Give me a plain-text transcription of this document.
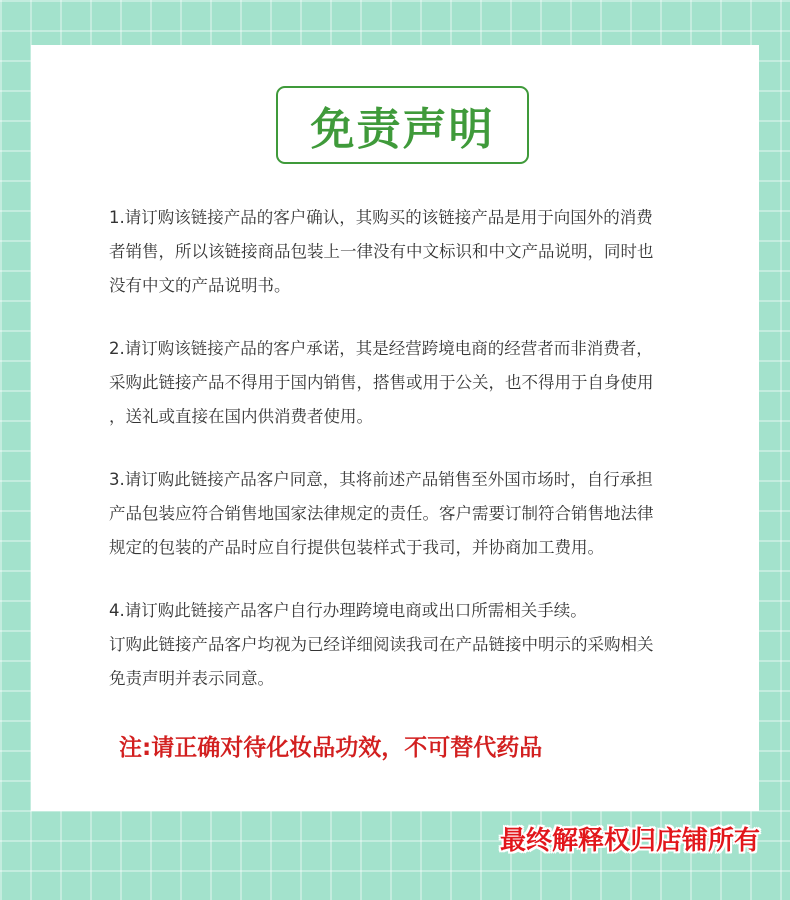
免责声明
1.请订购该链接产品的客户确认，其购买的该链接产品是用于向国外的消费
者销售，所以该链接商品包装上一律没有中文标识和中文产品说明，同时也
没有中文的产品说明书。
2.请订购该链接产品的客户承诺，其是经营跨境电商的经营者而非消费者，
采购此链接产品不得用于国内销售，搭售或用于公关，也不得用于自身使用
，送礼或直接在国内供消费者使用。
3.请订购此链接产品客户同意，其将前述产品销售至外国市场时，自行承担
产品包装应符合销售地国家法律规定的责任。客户需要订制符合销售地法律
规定的包装的产品时应自行提供包装样式于我司，并协商加工费用。
4.请订购此链接产品客户自行办理跨境电商或出口所需相关手续。
订购此链接产品客户均视为已经详细阅读我司在产品链接中明示的采购相关
免责声明并表示同意。
注:请正确对待化妆品功效，不可替代药品
最终解释权归店铺所有
